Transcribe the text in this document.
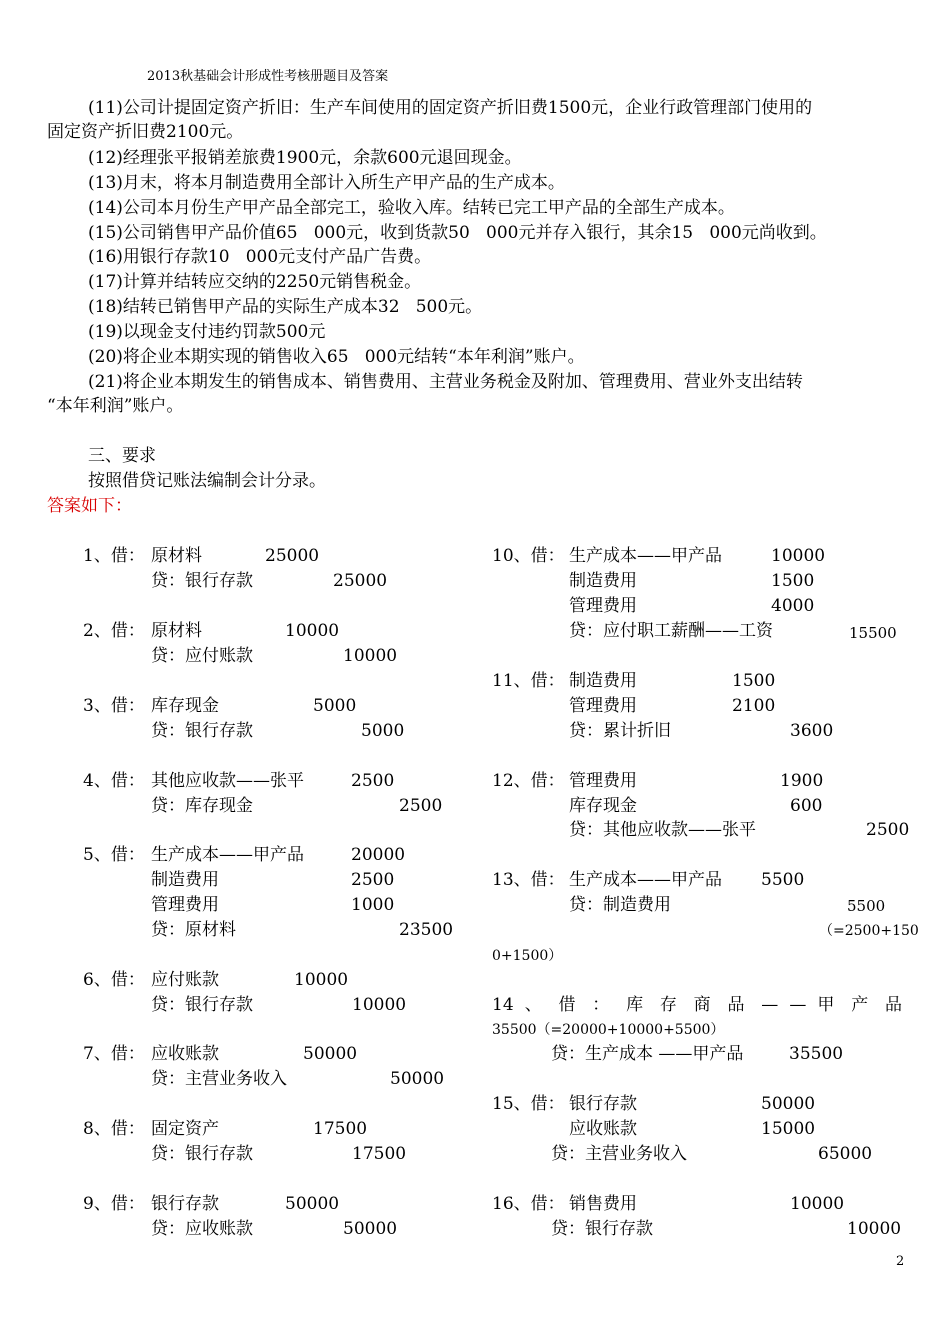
2013秋基础会计形成性考核册题目及答案
(11)公司计提固定资产折旧：生产车间使用的固定资产折旧费1500元，企业行政管理部门使用的
固定资产折旧费2100元。
(12)经理张平报销差旅费1900元，余款600元退回现金。
(13)月末，将本月制造费用全部计入所生产甲产品的生产成本。
(14)公司本月份生产甲产品全部完工，验收入库。结转已完工甲产品的全部生产成本。
(15)公司销售甲产品价值65   000元，收到货款50   000元并存入银行，其余15   000元尚收到。
(16)用银行存款10   000元支付产品广告费。
(17)计算并结转应交纳的2250元销售税金。
(18)结转已销售甲产品的实际生产成本32   500元。
(19)以现金支付违约罚款500元
(20)将企业本期实现的销售收入65   000元结转“本年利润”账户。
(21)将企业本期发生的销售成本、销售费用、主营业务税金及附加、管理费用、营业外支出结转
“本年利润”账户。
三、要求
按照借贷记账法编制会计分录。
答案如下：
1、借： 原材料	25000
贷：银行存款	25000
2、借： 原材料	10000
贷：应付账款	10000
3、借： 库存现金	5000
贷：银行存款	5000
4、借： 其他应收款——张平	2500
贷：库存现金	2500
5、借： 生产成本——甲产品	20000
制造费用	2500
管理费用	1000
贷：原材料	23500
6、借： 应付账款	10000
贷：银行存款	10000
7、借： 应收账款	50000
贷：主营业务收入	50000
8、借： 固定资产	17500
贷：银行存款	17500
9、借： 银行存款	50000
贷：应收账款	50000
10、借： 生产成本——甲产品	10000
制造费用	1500
管理费用	4000
贷：应付职工薪酬——工资	15500
11、借： 制造费用	1500
管理费用	2100
贷：累计折旧	3600
12、借： 管理费用	1900
库存现金	600
贷：其他应收款——张平	2500
13、借： 生产成本——甲产品 5500
贷：制造费用	5500
（=2500+150
0+1500）
14 、 借 ： 库 存 商 品 — — 甲 产 品
35500（=20000+10000+5500）
贷：生产成本 ——甲产品	35500
15、借： 银行存款	50000
应收账款	15000
贷：主营业务收入	65000
16、借： 销售费用	10000
贷：银行存款	10000
2
